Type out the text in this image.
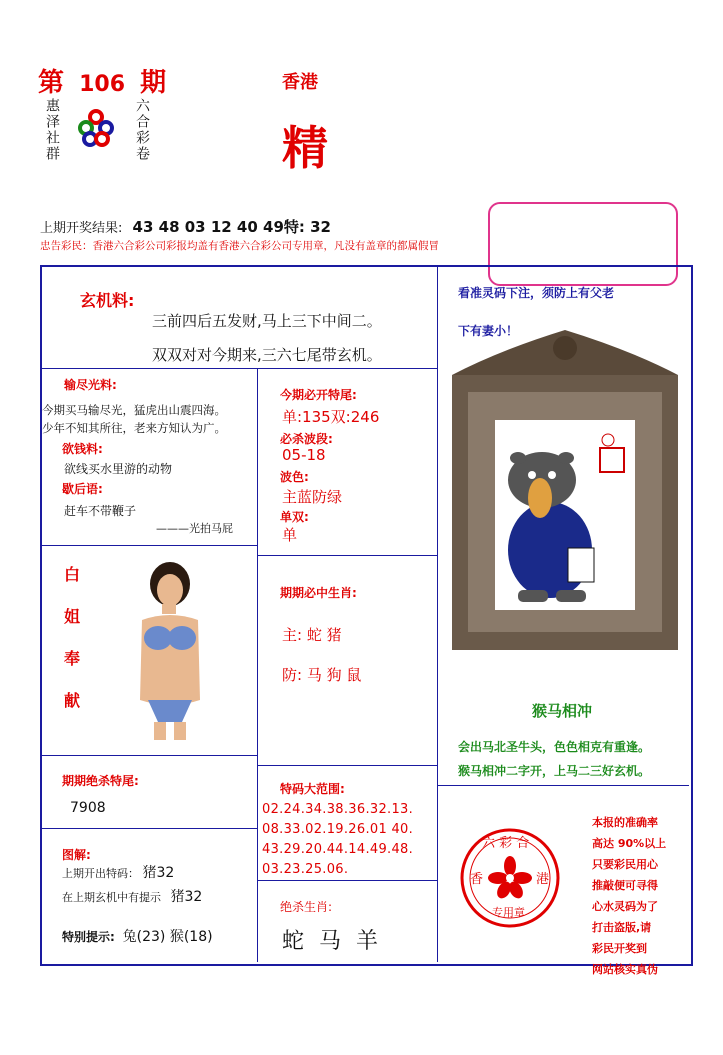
第 106 期
惠泽社群	六合彩卷
香港
精
上期开奖结果: 43 48 03 12 40 49特: 32
忠告彩民：香港六合彩公司彩报均盖有香港六合彩公司专用章，凡没有盖章的都属假冒
玄机料:
三前四后五发财,马上三下中间二。
双双对对今期来,三六七尾带玄机。
看准灵码下注，须防上有父老
下有妻小！
猴马相冲
会出马北圣牛头，色色相克有重逢。
猴马相冲二字开，上马二三好玄机。
输尽光料:
今期买马输尽光，猛虎出山震四海。
少年不知其所往，老来方知认为广。
欲钱料:
欲线买水里游的动物
歇后语:
赶车不带鞭子
———光拍马屁
今期必开特尾:
单:135双:246
必杀波段:
05-18
波色:
主蓝防绿
单双:
单
白
姐
奉
献
期期必中生肖:
主: 蛇 猪
防: 马 狗 鼠
期期绝杀特尾:
7908
特码大范围:
02.24.34.38.36.32.13.
08.33.02.19.26.01 40.
43.29.20.44.14.49.48.
03.23.25.06.
图解:
上期开出特码： 猪32
在上期玄机中有提示 猪32
特别提示: 兔(23) 猴(18)
绝杀生肖:
蛇 马 羊
六 彩 合
香	港
专用章
本报的准确率
高达 90%以上
只要彩民用心
推敲便可寻得
心水灵码为了
打击盗版,请
彩民开奖到
网站核实真伪
